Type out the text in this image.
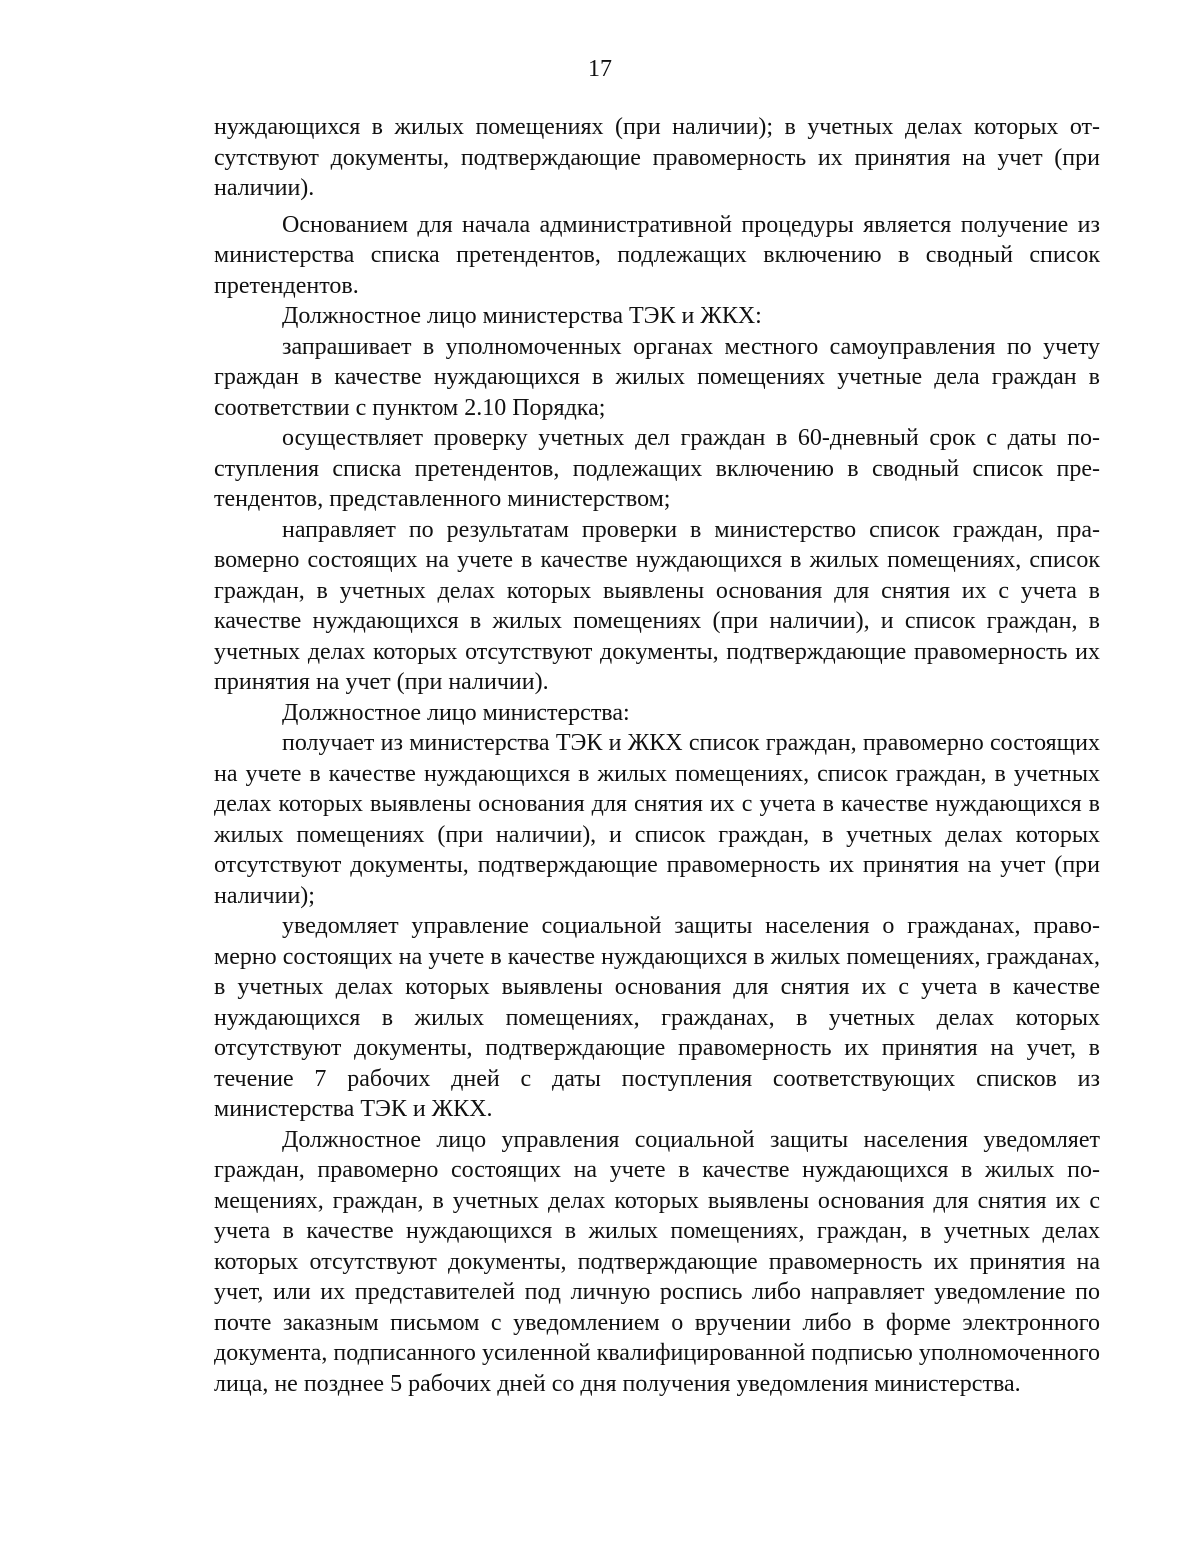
17

нуждающихся в жилых помещениях (при наличии); в учетных делах которых отсутствуют документы, подтверждающие правомерность их принятия на учет (при наличии).

Основанием для начала административной процедуры является получение из министерства списка претендентов, подлежащих включению в сводный список претендентов.

Должностное лицо министерства ТЭК и ЖКХ:

запрашивает в уполномоченных органах местного самоуправления по учету граждан в качестве нуждающихся в жилых помещениях учетные дела граждан в соответствии с пунктом 2.10 Порядка;

осуществляет проверку учетных дел граждан в 60-дневный срок с даты поступления списка претендентов, подлежащих включению в сводный список претендентов, представленного министерством;

направляет по результатам проверки в министерство список граждан, правомерно состоящих на учете в качестве нуждающихся в жилых помещениях, список граждан, в учетных делах которых выявлены основания для снятия их с учета в качестве нуждающихся в жилых помещениях (при наличии), и список граждан, в учетных делах которых отсутствуют документы, подтверждающие правомерность их принятия на учет (при наличии).

Должностное лицо министерства:

получает из министерства ТЭК и ЖКХ список граждан, правомерно состоящих на учете в качестве нуждающихся в жилых помещениях, список граждан, в учетных делах которых выявлены основания для снятия их с учета в качестве нуждающихся в жилых помещениях (при наличии), и список граждан, в учетных делах которых отсутствуют документы, подтверждающие правомерность их принятия на учет (при наличии);

уведомляет управление социальной защиты населения о гражданах, правомерно состоящих на учете в качестве нуждающихся в жилых помещениях, гражданах, в учетных делах которых выявлены основания для снятия их с учета в качестве нуждающихся в жилых помещениях, гражданах, в учетных делах которых отсутствуют документы, подтверждающие правомерность их принятия на учет, в течение 7 рабочих дней с даты поступления соответствующих списков из министерства ТЭК и ЖКХ.

Должностное лицо управления социальной защиты населения уведомляет граждан, правомерно состоящих на учете в качестве нуждающихся в жилых помещениях, граждан, в учетных делах которых выявлены основания для снятия их с учета в качестве нуждающихся в жилых помещениях, граждан, в учетных делах которых отсутствуют документы, подтверждающие правомерность их принятия на учет, или их представителей под личную роспись либо направляет уведомление по почте заказным письмом с уведомлением о вручении либо в форме электронного документа, подписанного усиленной квалифицированной подписью уполномоченного лица, не позднее 5 рабочих дней со дня получения уведомления министерства.
